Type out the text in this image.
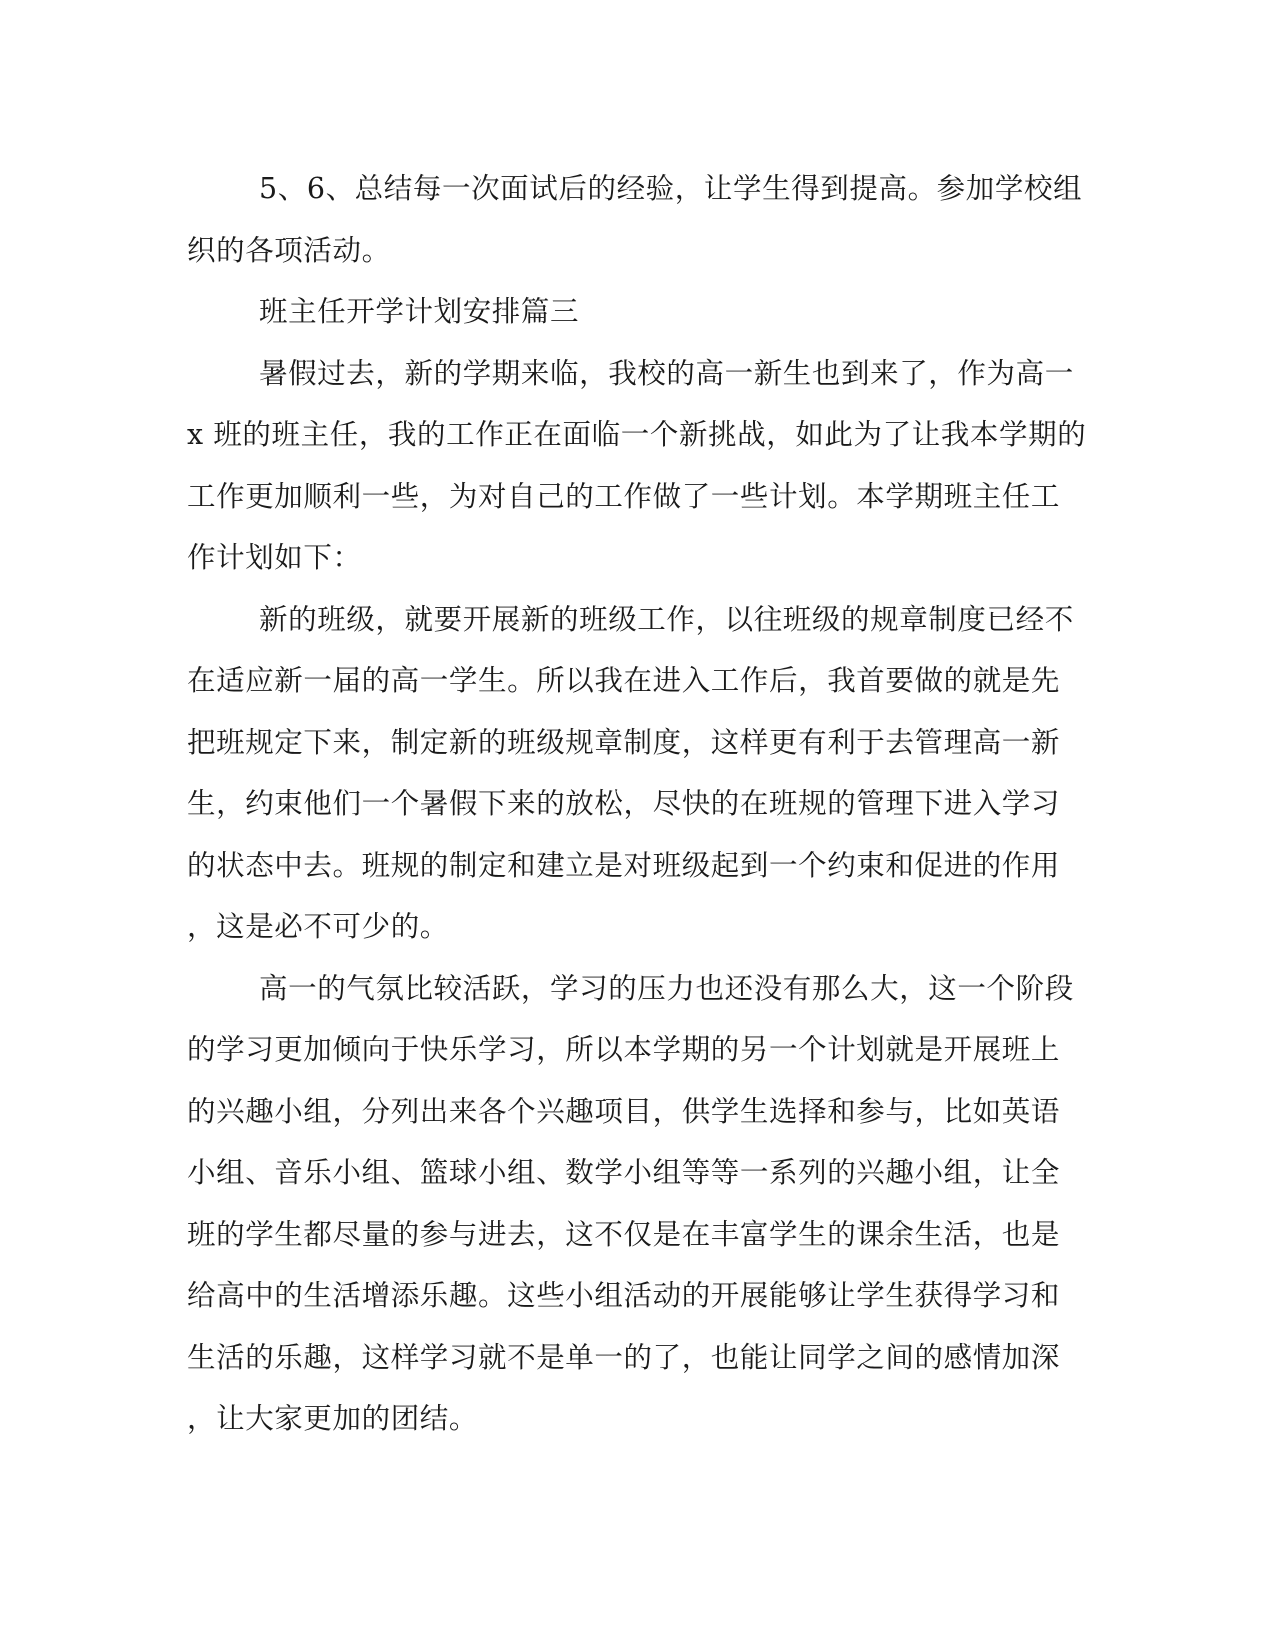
5、6、总结每一次面试后的经验，让学生得到提高。参加学校组
织的各项活动。
班主任开学计划安排篇三
暑假过去，新的学期来临，我校的高一新生也到来了，作为高一
x 班的班主任，我的工作正在面临一个新挑战，如此为了让我本学期的
工作更加顺利一些，为对自己的工作做了一些计划。本学期班主任工
作计划如下：
新的班级，就要开展新的班级工作，以往班级的规章制度已经不
在适应新一届的高一学生。所以我在进入工作后，我首要做的就是先
把班规定下来，制定新的班级规章制度，这样更有利于去管理高一新
生，约束他们一个暑假下来的放松，尽快的在班规的管理下进入学习
的状态中去。班规的制定和建立是对班级起到一个约束和促进的作用
，这是必不可少的。
高一的气氛比较活跃，学习的压力也还没有那么大，这一个阶段
的学习更加倾向于快乐学习，所以本学期的另一个计划就是开展班上
的兴趣小组，分列出来各个兴趣项目，供学生选择和参与，比如英语
小组、音乐小组、篮球小组、数学小组等等一系列的兴趣小组，让全
班的学生都尽量的参与进去，这不仅是在丰富学生的课余生活，也是
给高中的生活增添乐趣。这些小组活动的开展能够让学生获得学习和
生活的乐趣，这样学习就不是单一的了，也能让同学之间的感情加深
，让大家更加的团结。
